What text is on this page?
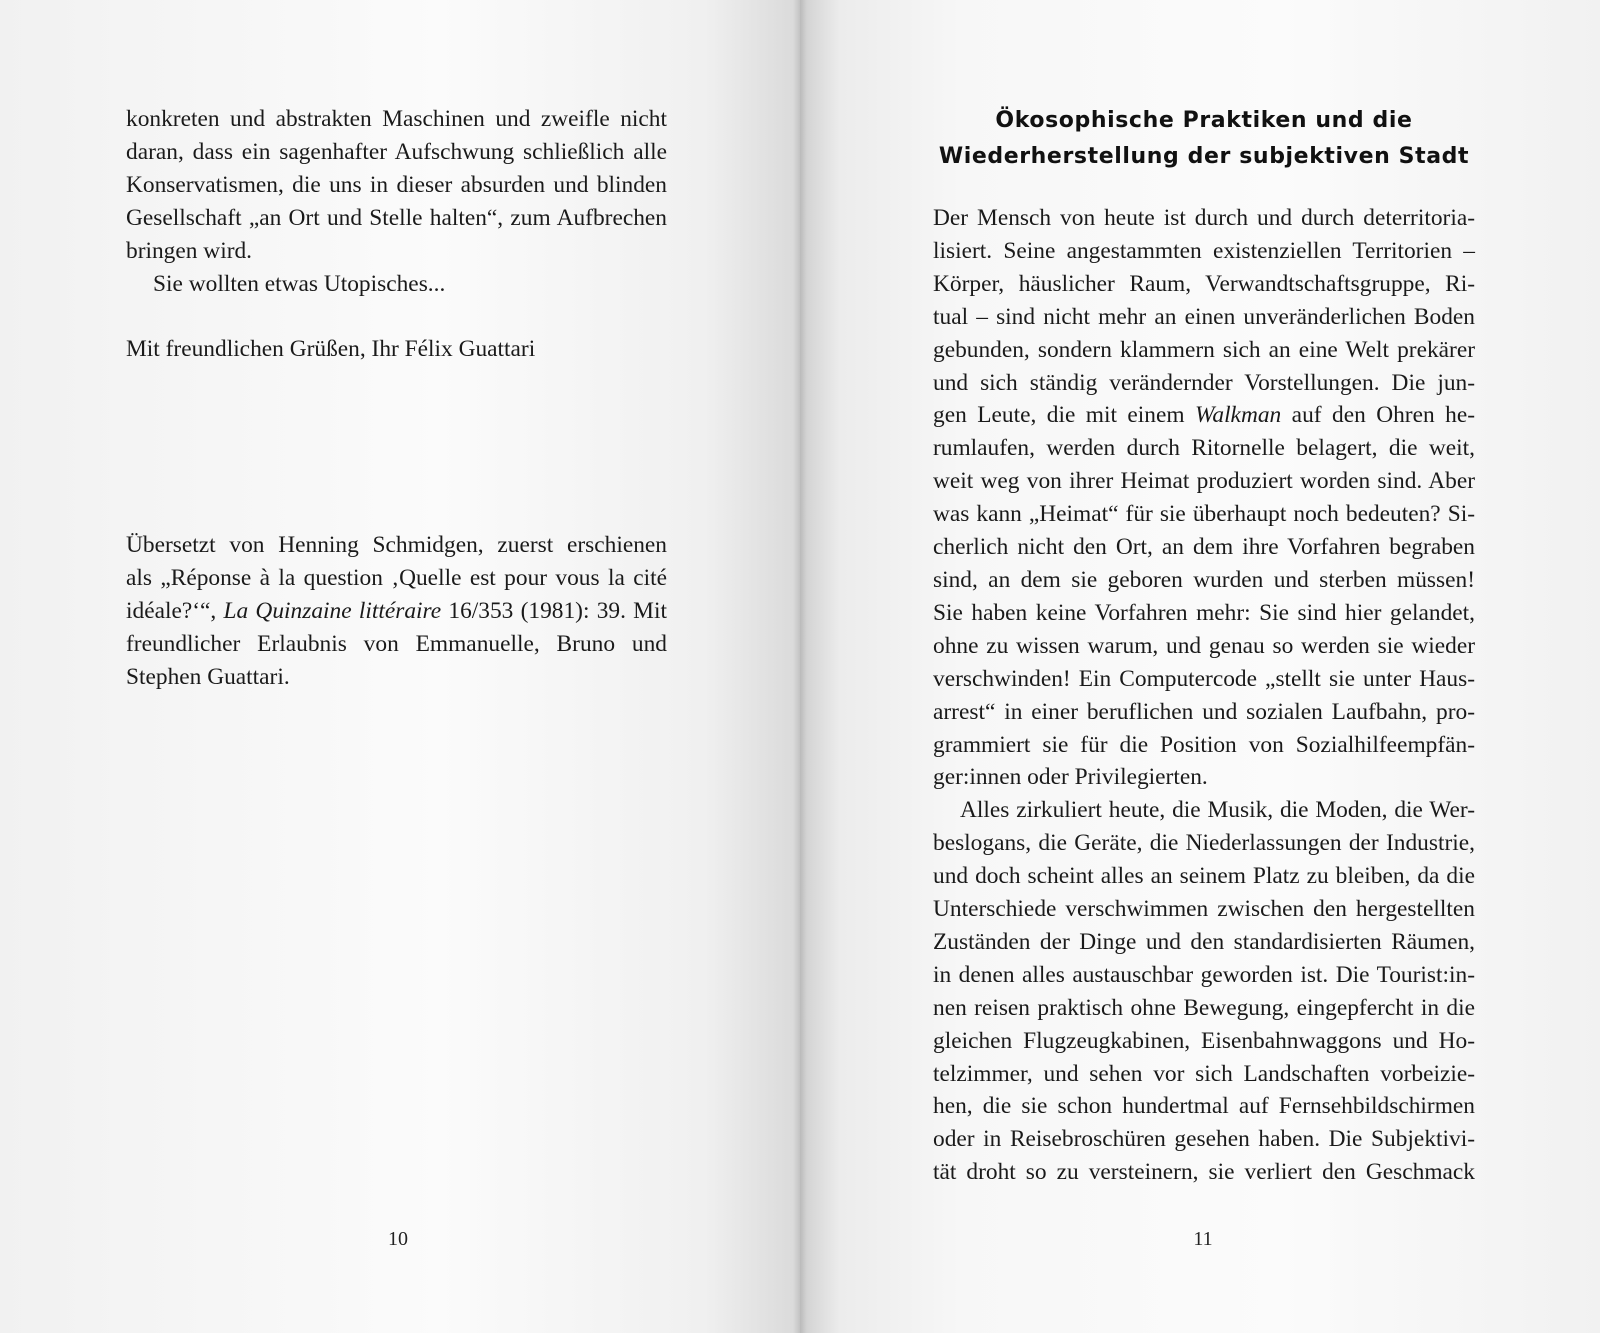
konkreten und abstrakten Maschinen und zweifle nicht
daran, dass ein sagenhafter Aufschwung schließlich alle
Konservatismen, die uns in dieser absurden und blinden
Gesellschaft „an Ort und Stelle halten“, zum Aufbrechen
bringen wird.
Sie wollten etwas Utopisches...
Mit freundlichen Grüßen, Ihr Félix Guattari
Übersetzt von Henning Schmidgen, zuerst erschienen
als „Réponse à la question ‚Quelle est pour vous la cité
idéale?‘“, La Quinzaine littéraire 16/353 (1981): 39. Mit
freundlicher Erlaubnis von Emmanuelle, Bruno und
Stephen Guattari.
10
Ökosophische Praktiken und die
Wiederherstellung der subjektiven Stadt
Der Mensch von heute ist durch und durch deterritoria-
lisiert. Seine angestammten existenziellen Territorien –
Körper, häuslicher Raum, Verwandtschaftsgruppe, Ri-
tual – sind nicht mehr an einen unveränderlichen Boden
gebunden, sondern klammern sich an eine Welt prekärer
und sich ständig verändernder Vorstellungen. Die jun-
gen Leute, die mit einem Walkman auf den Ohren he-
rumlaufen, werden durch Ritornelle belagert, die weit,
weit weg von ihrer Heimat produziert worden sind. Aber
was kann „Heimat“ für sie überhaupt noch bedeuten? Si-
cherlich nicht den Ort, an dem ihre Vorfahren begraben
sind, an dem sie geboren wurden und sterben müssen!
Sie haben keine Vorfahren mehr: Sie sind hier gelandet,
ohne zu wissen warum, und genau so werden sie wieder
verschwinden! Ein Computercode „stellt sie unter Haus-
arrest“ in einer beruflichen und sozialen Laufbahn, pro-
grammiert sie für die Position von Sozialhilfeempfän-
ger:innen oder Privilegierten.
Alles zirkuliert heute, die Musik, die Moden, die Wer-
beslogans, die Geräte, die Niederlassungen der Industrie,
und doch scheint alles an seinem Platz zu bleiben, da die
Unterschiede verschwimmen zwischen den hergestellten
Zuständen der Dinge und den standardisierten Räumen,
in denen alles austauschbar geworden ist. Die Tourist:in-
nen reisen praktisch ohne Bewegung, eingepfercht in die
gleichen Flugzeugkabinen, Eisenbahnwaggons und Ho-
telzimmer, und sehen vor sich Landschaften vorbeizie-
hen, die sie schon hundertmal auf Fernsehbildschirmen
oder in Reisebroschüren gesehen haben. Die Subjektivi-
tät droht so zu versteinern, sie verliert den Geschmack
11
